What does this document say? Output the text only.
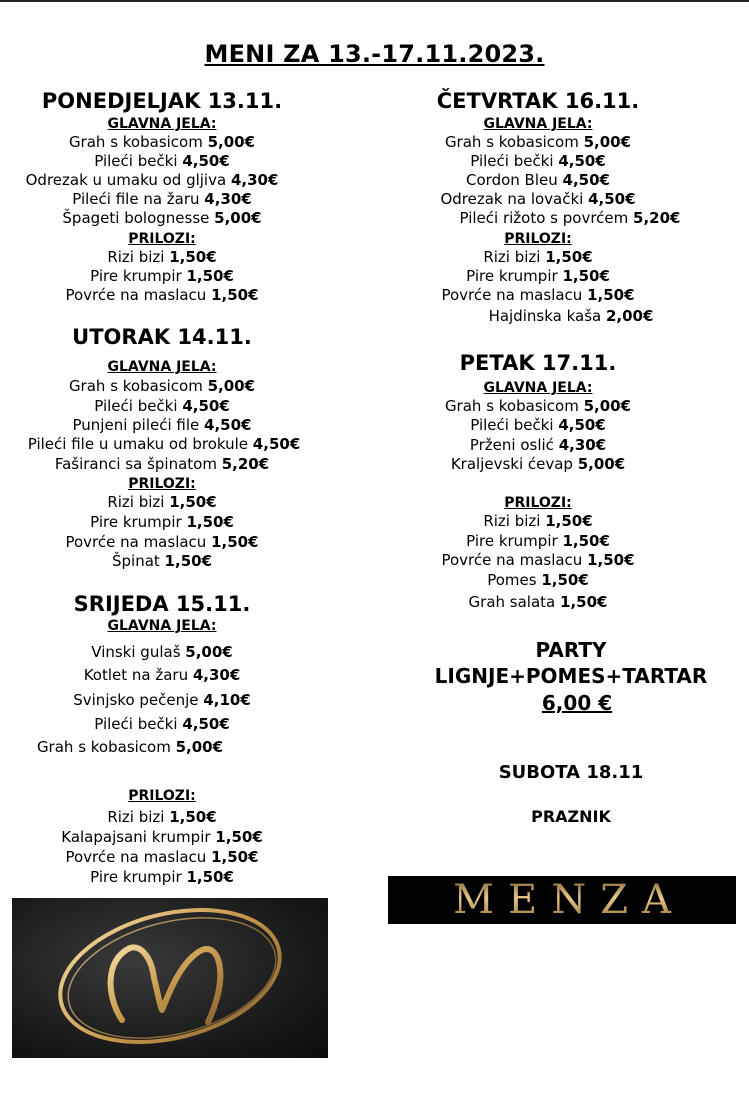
MENI ZA 13.-17.11.2023.
PONEDJELJAK 13.11.
GLAVNA JELA:
Grah s kobasicom 5,00€
Pileći bečki 4,50€
Odrezak u umaku od gljiva 4,30€
Pileći file na žaru 4,30€
Špageti bolognesse 5,00€
PRILOZI:
Rizi bizi 1,50€
Pire krumpir 1,50€
Povrće na maslacu 1,50€
UTORAK 14.11.
GLAVNA JELA:
Grah s kobasicom 5,00€
Pileći bečki 4,50€
Punjeni pileći file 4,50€
Pileći file u umaku od brokule 4,50€
Faširanci sa špinatom 5,20€
PRILOZI:
Rizi bizi 1,50€
Pire krumpir 1,50€
Povrće na maslacu 1,50€
Špinat 1,50€
SRIJEDA 15.11.
GLAVNA JELA:
Vinski gulaš 5,00€
Kotlet na žaru 4,30€
Svinjsko pečenje 4,10€
Pileći bečki 4,50€
Grah s kobasicom 5,00€
PRILOZI:
Rizi bizi 1,50€
Kalapajsani krumpir 1,50€
Povrće na maslacu 1,50€
Pire krumpir 1,50€
ČETVRTAK 16.11.
GLAVNA JELA:
Grah s kobasicom 5,00€
Pileći bečki 4,50€
Cordon Bleu 4,50€
Odrezak na lovački 4,50€
Pileći rižoto s povrćem 5,20€
PRILOZI:
Rizi bizi 1,50€
Pire krumpir 1,50€
Povrće na maslacu 1,50€
Hajdinska kaša 2,00€
PETAK 17.11.
GLAVNA JELA:
Grah s kobasicom 5,00€
Pileći bečki 4,50€
Prženi oslić 4,30€
Kraljevski ćevap 5,00€
PRILOZI:
Rizi bizi 1,50€
Pire krumpir 1,50€
Povrće na maslacu 1,50€
Pomes 1,50€
Grah salata 1,50€
PARTY
LIGNJE+POMES+TARTAR
6,00 €
SUBOTA 18.11
PRAZNIK
MENZA
